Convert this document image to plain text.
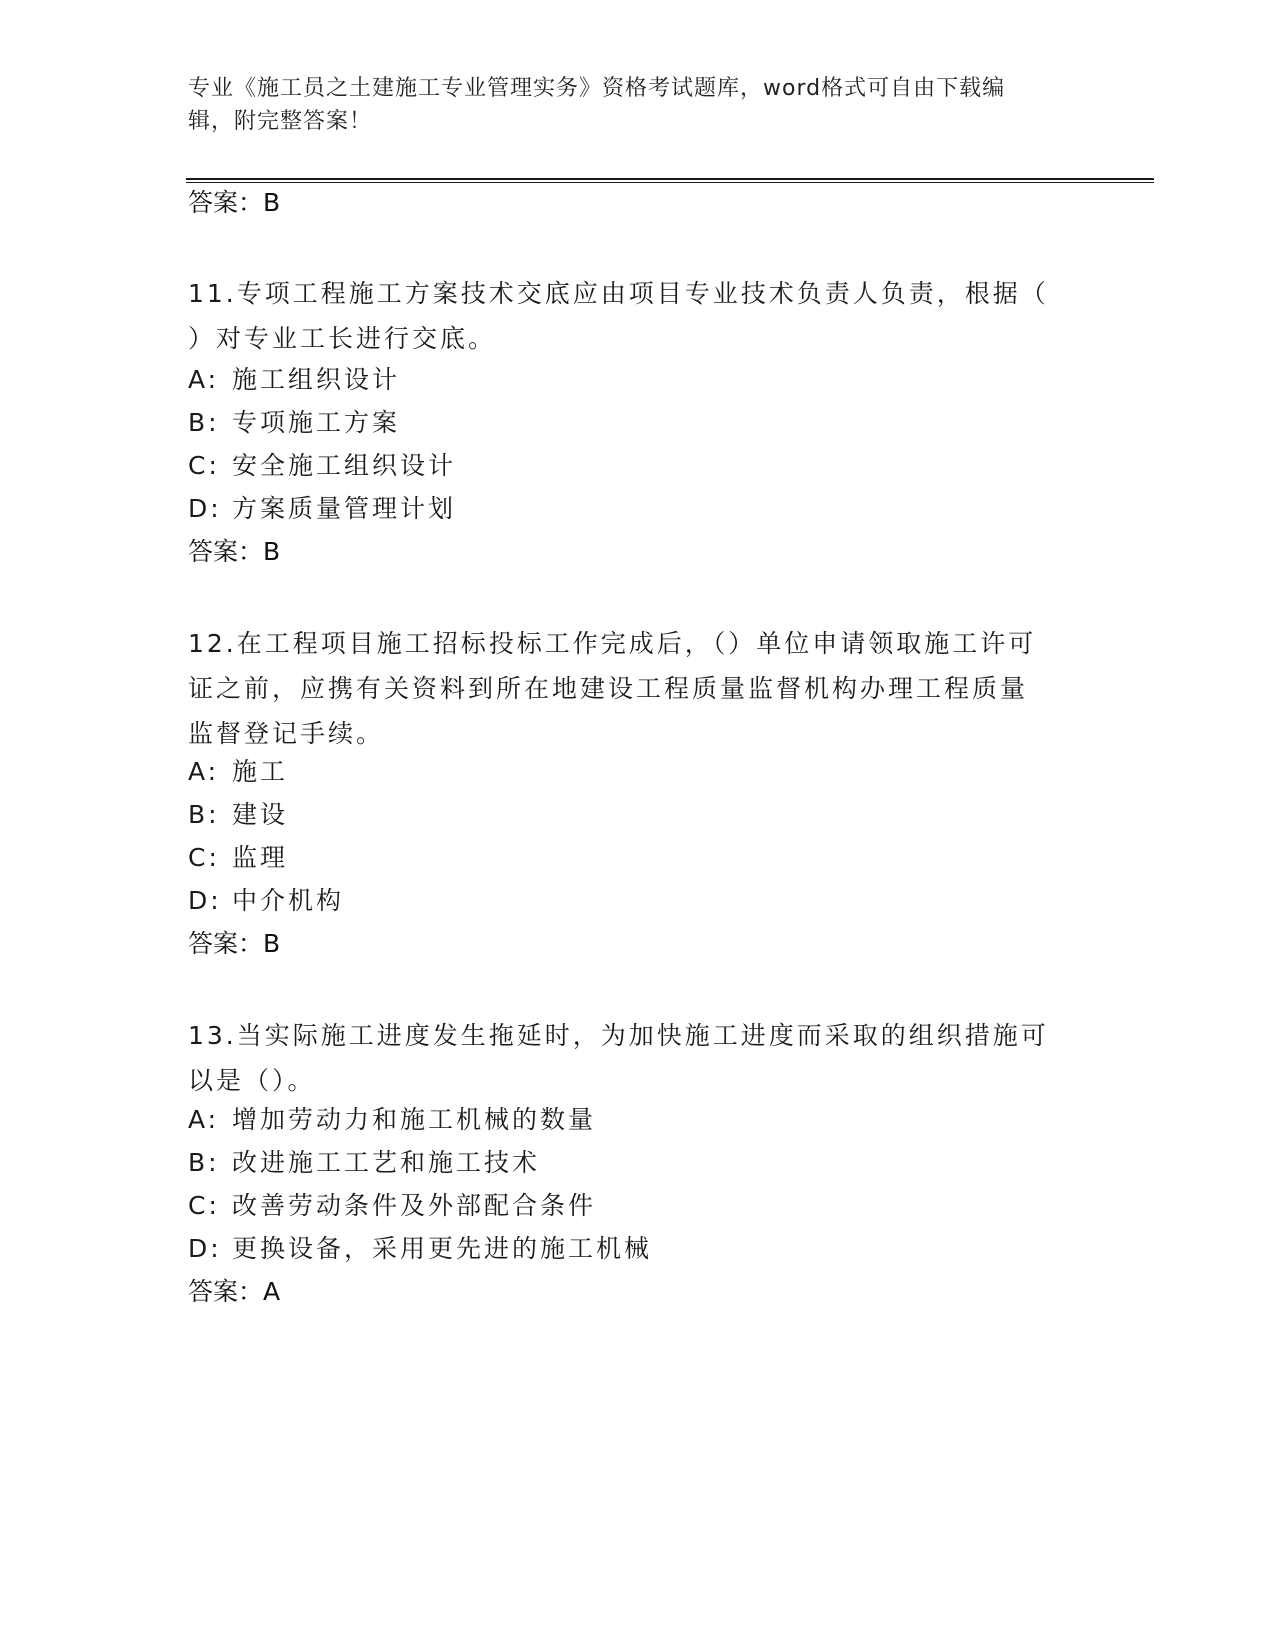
专业《施工员之土建施工专业管理实务》资格考试题库，word格式可自由下载编
辑，附完整答案！
答案：B
11.专项工程施工方案技术交底应由项目专业技术负责人负责，根据（
）对专业工长进行交底。
A: 施工组织设计
B: 专项施工方案
C: 安全施工组织设计
D: 方案质量管理计划
答案：B
12.在工程项目施工招标投标工作完成后，（）单位申请领取施工许可
证之前，应携有关资料到所在地建设工程质量监督机构办理工程质量
监督登记手续。
A: 施工
B: 建设
C: 监理
D: 中介机构
答案：B
13.当实际施工进度发生拖延时，为加快施工进度而采取的组织措施可
以是（）。
A: 增加劳动力和施工机械的数量
B: 改进施工工艺和施工技术
C: 改善劳动条件及外部配合条件
D: 更换设备，采用更先进的施工机械
答案：A
